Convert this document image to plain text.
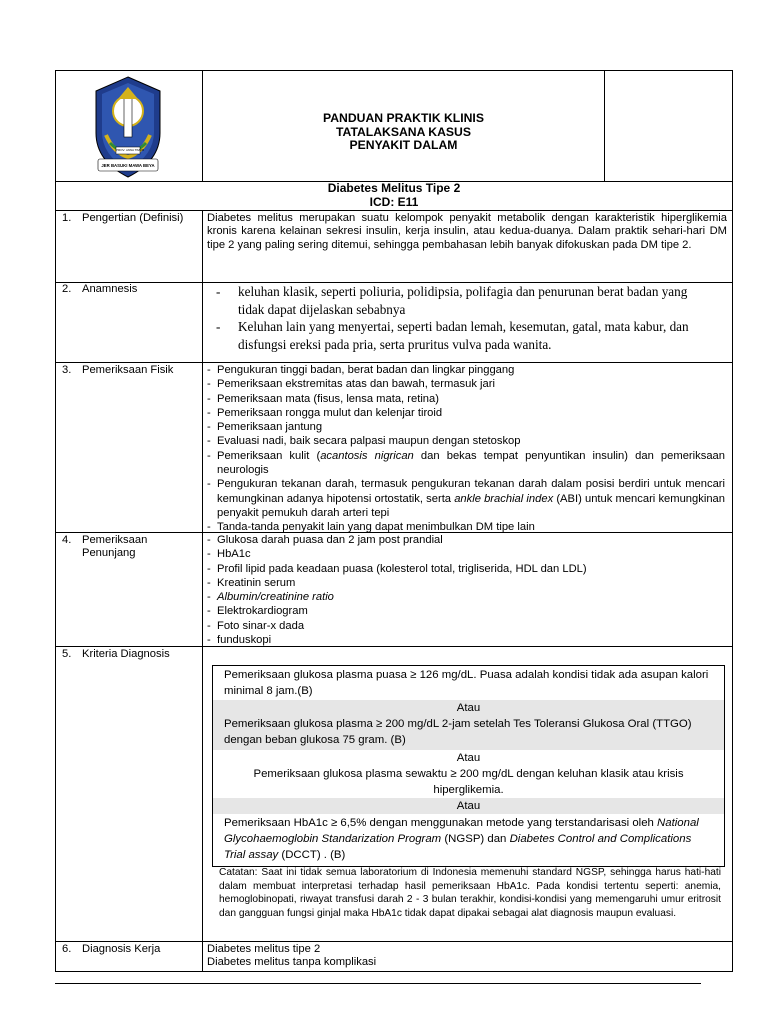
PROV. JAWA TIMUR
JER BASUKI MAWA BEYA
PANDUAN PRAKTIK KLINIS
TATALAKSANA KASUS
PENYAKIT DALAM
Diabetes Melitus Tipe 2
ICD: E11
1. Pengertian (Definisi)	Diabetes melitus merupakan suatu kelompok penyakit metabolik dengan karakteristik hiperglikemia kronis karena kelainan sekresi insulin, kerja insulin, atau kedua-duanya. Dalam praktik sehari-hari DM tipe 2 yang paling sering ditemui, sehingga pembahasan lebih banyak difokuskan pada DM tipe 2.
2. Anamnesis	- keluhan klasik, seperti poliuria, polidipsia, polifagia dan penurunan berat badan yang tidak dapat dijelaskan sebabnya
- Keluhan lain yang menyertai, seperti badan lemah, kesemutan, gatal, mata kabur, dan disfungsi ereksi pada pria, serta pruritus vulva pada wanita.
3. Pemeriksaan Fisik	- Pengukuran tinggi badan, berat badan dan lingkar pinggang
- Pemeriksaan ekstremitas atas dan bawah, termasuk jari
- Pemeriksaan mata (fisus, lensa mata, retina)
- Pemeriksaan rongga mulut dan kelenjar tiroid
- Pemeriksaan jantung
- Evaluasi nadi, baik secara palpasi maupun dengan stetoskop
- Pemeriksaan kulit (acantosis nigrican dan bekas tempat penyuntikan insulin) dan pemeriksaan neurologis
- Pengukuran tekanan darah, termasuk pengukuran tekanan darah dalam posisi berdiri untuk mencari kemungkinan adanya hipotensi ortostatik, serta ankle brachial index (ABI) untuk mencari kemungkinan penyakit pemukuh darah arteri tepi
- Tanda-tanda penyakit lain yang dapat menimbulkan DM tipe lain
4. Pemeriksaan Penunjang
- Glukosa darah puasa dan 2 jam post prandial
- HbA1c
- Profil lipid pada keadaan puasa (kolesterol total, trigliserida, HDL dan LDL)
- Kreatinin serum
- Albumin/creatinine ratio
- Elektrokardiogram
- Foto sinar-x dada
- funduskopi
5. Kriteria Diagnosis
Pemeriksaan glukosa plasma puasa ≥ 126 mg/dL. Puasa adalah kondisi tidak ada asupan kalori minimal 8 jam.(B)
Atau
Pemeriksaan glukosa plasma ≥ 200 mg/dL 2-jam setelah Tes Toleransi Glukosa Oral (TTGO) dengan beban glukosa 75 gram. (B)
Atau
Pemeriksaan glukosa plasma sewaktu ≥ 200 mg/dL dengan keluhan klasik atau krisis hiperglikemia.
Atau
Pemeriksaan HbA1c ≥ 6,5% dengan menggunakan metode yang terstandarisasi oleh National Glycohaemoglobin Standarization Program (NGSP) dan Diabetes Control and Complications Trial assay (DCCT) . (B)
Catatan: Saat ini tidak semua laboratorium di Indonesia memenuhi standard NGSP, sehingga harus hati-hati dalam membuat interpretasi terhadap hasil pemeriksaan HbA1c. Pada kondisi tertentu seperti: anemia, hemoglobinopati, riwayat transfusi darah 2 - 3 bulan terakhir, kondisi-kondisi yang memengaruhi umur eritrosit dan gangguan fungsi ginjal maka HbA1c tidak dapat dipakai sebagai alat diagnosis maupun evaluasi.
6. Diagnosis Kerja	Diabetes melitus tipe 2
Diabetes melitus tanpa komplikasi
